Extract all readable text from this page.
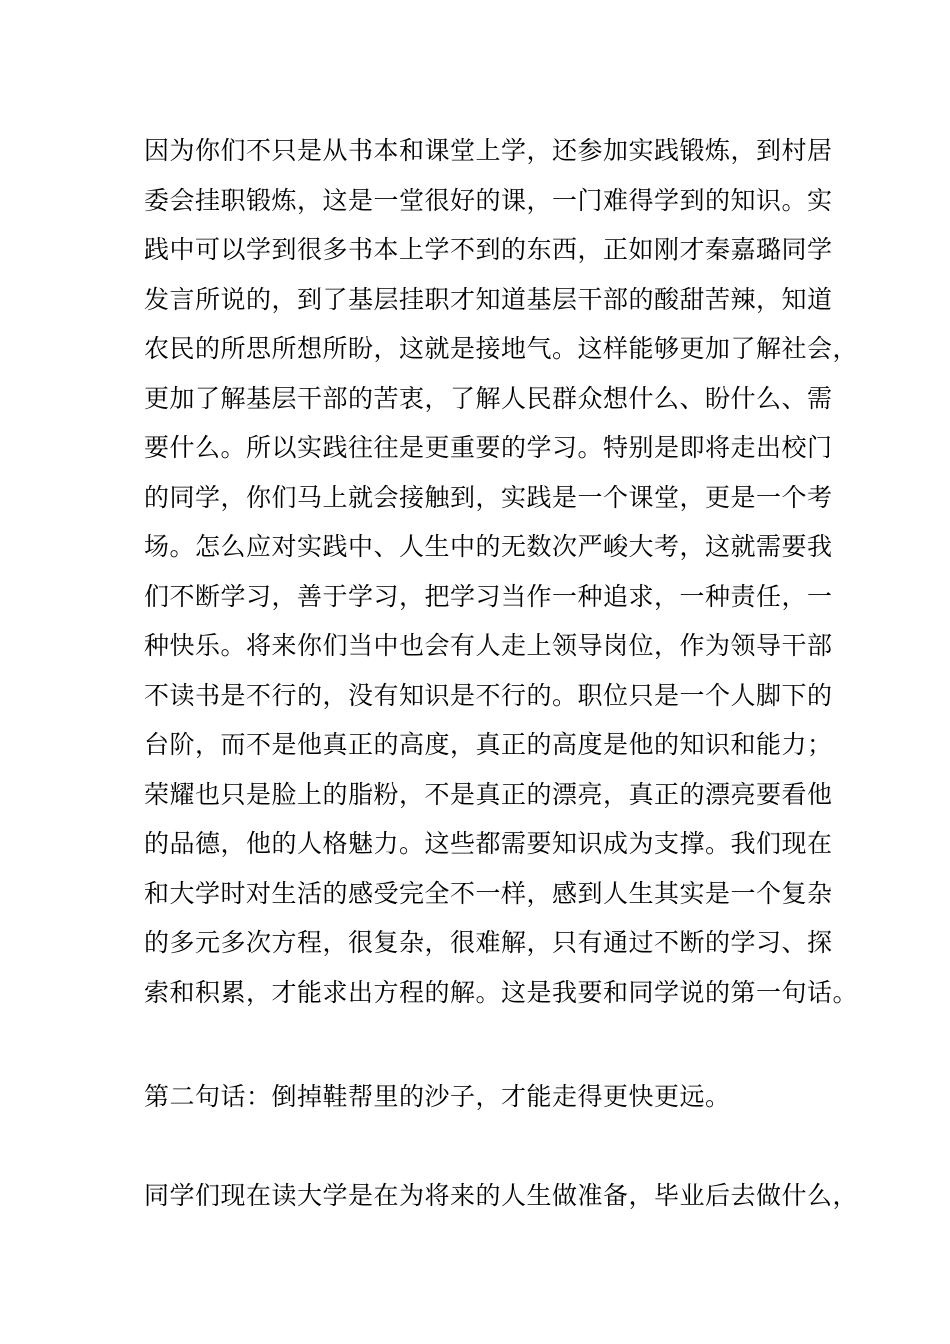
因为你们不只是从书本和课堂上学，还参加实践锻炼，到村居
委会挂职锻炼，这是一堂很好的课，一门难得学到的知识。实
践中可以学到很多书本上学不到的东西，正如刚才秦嘉璐同学
发言所说的，到了基层挂职才知道基层干部的酸甜苦辣，知道
农民的所思所想所盼，这就是接地气。这样能够更加了解社会，
更加了解基层干部的苦衷，了解人民群众想什么、盼什么、需
要什么。所以实践往往是更重要的学习。特别是即将走出校门
的同学，你们马上就会接触到，实践是一个课堂，更是一个考
场。怎么应对实践中、人生中的无数次严峻大考，这就需要我
们不断学习，善于学习，把学习当作一种追求，一种责任，一
种快乐。将来你们当中也会有人走上领导岗位，作为领导干部
不读书是不行的，没有知识是不行的。职位只是一个人脚下的
台阶，而不是他真正的高度，真正的高度是他的知识和能力；
荣耀也只是脸上的脂粉，不是真正的漂亮，真正的漂亮要看他
的品德，他的人格魅力。这些都需要知识成为支撑。我们现在
和大学时对生活的感受完全不一样，感到人生其实是一个复杂
的多元多次方程，很复杂，很难解，只有通过不断的学习、探
索和积累，才能求出方程的解。这是我要和同学说的第一句话。
第二句话：倒掉鞋帮里的沙子，才能走得更快更远。
同学们现在读大学是在为将来的人生做准备，毕业后去做什么，
